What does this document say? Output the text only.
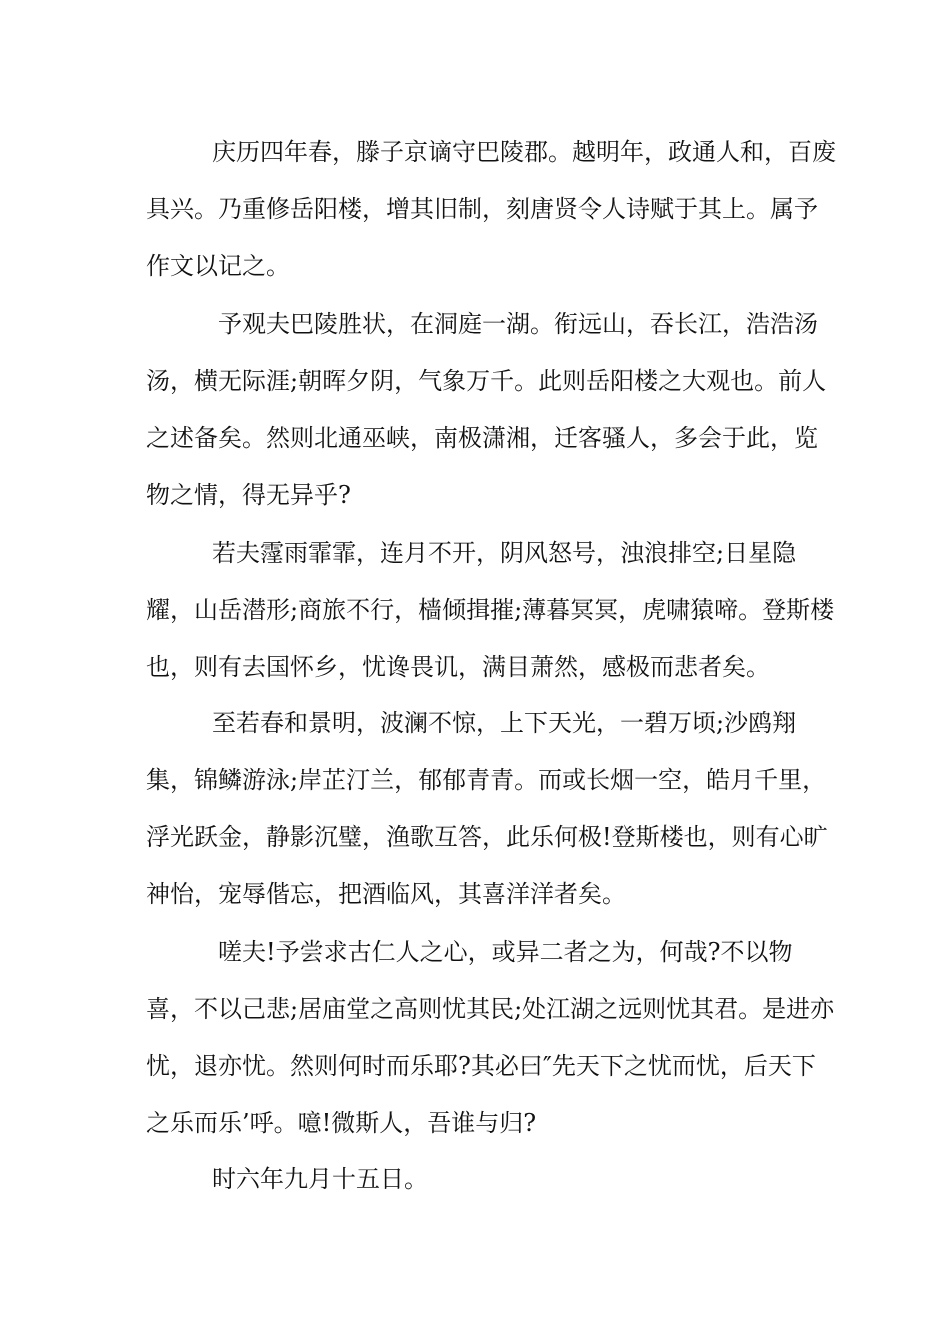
庆历四年春，滕子京谪守巴陵郡。越明年，政通人和，百废具兴。乃重修岳阳楼，增其旧制，刻唐贤令人诗赋于其上。属予作文以记之。

予观夫巴陵胜状，在洞庭一湖。衔远山，吞长江，浩浩汤汤，横无际涯;朝晖夕阴，气象万千。此则岳阳楼之大观也。前人之述备矣。然则北通巫峡，南极潇湘，迁客骚人，多会于此，览物之情，得无异乎?

若夫霪雨霏霏，连月不开，阴风怒号，浊浪排空;日星隐耀，山岳潜形;商旅不行，樯倾揖摧;薄暮冥冥，虎啸猿啼。登斯楼也，则有去国怀乡，忧谗畏讥，满目萧然，感极而悲者矣。

至若春和景明，波澜不惊，上下天光，一碧万顷;沙鸥翔集，锦鳞游泳;岸芷汀兰，郁郁青青。而或长烟一空，皓月千里，浮光跃金，静影沉璧，渔歌互答，此乐何极!登斯楼也，则有心旷神怡，宠辱偕忘，把酒临风，其喜洋洋者矣。

嗟夫!予尝求古仁人之心，或异二者之为，何哉?不以物喜，不以己悲;居庙堂之高则忧其民;处江湖之远则忧其君。是进亦忧，退亦忧。然则何时而乐耶?其必曰″先天下之忧而忧，后天下之乐而乐’呼。噫!微斯人，吾谁与归?

时六年九月十五日。
